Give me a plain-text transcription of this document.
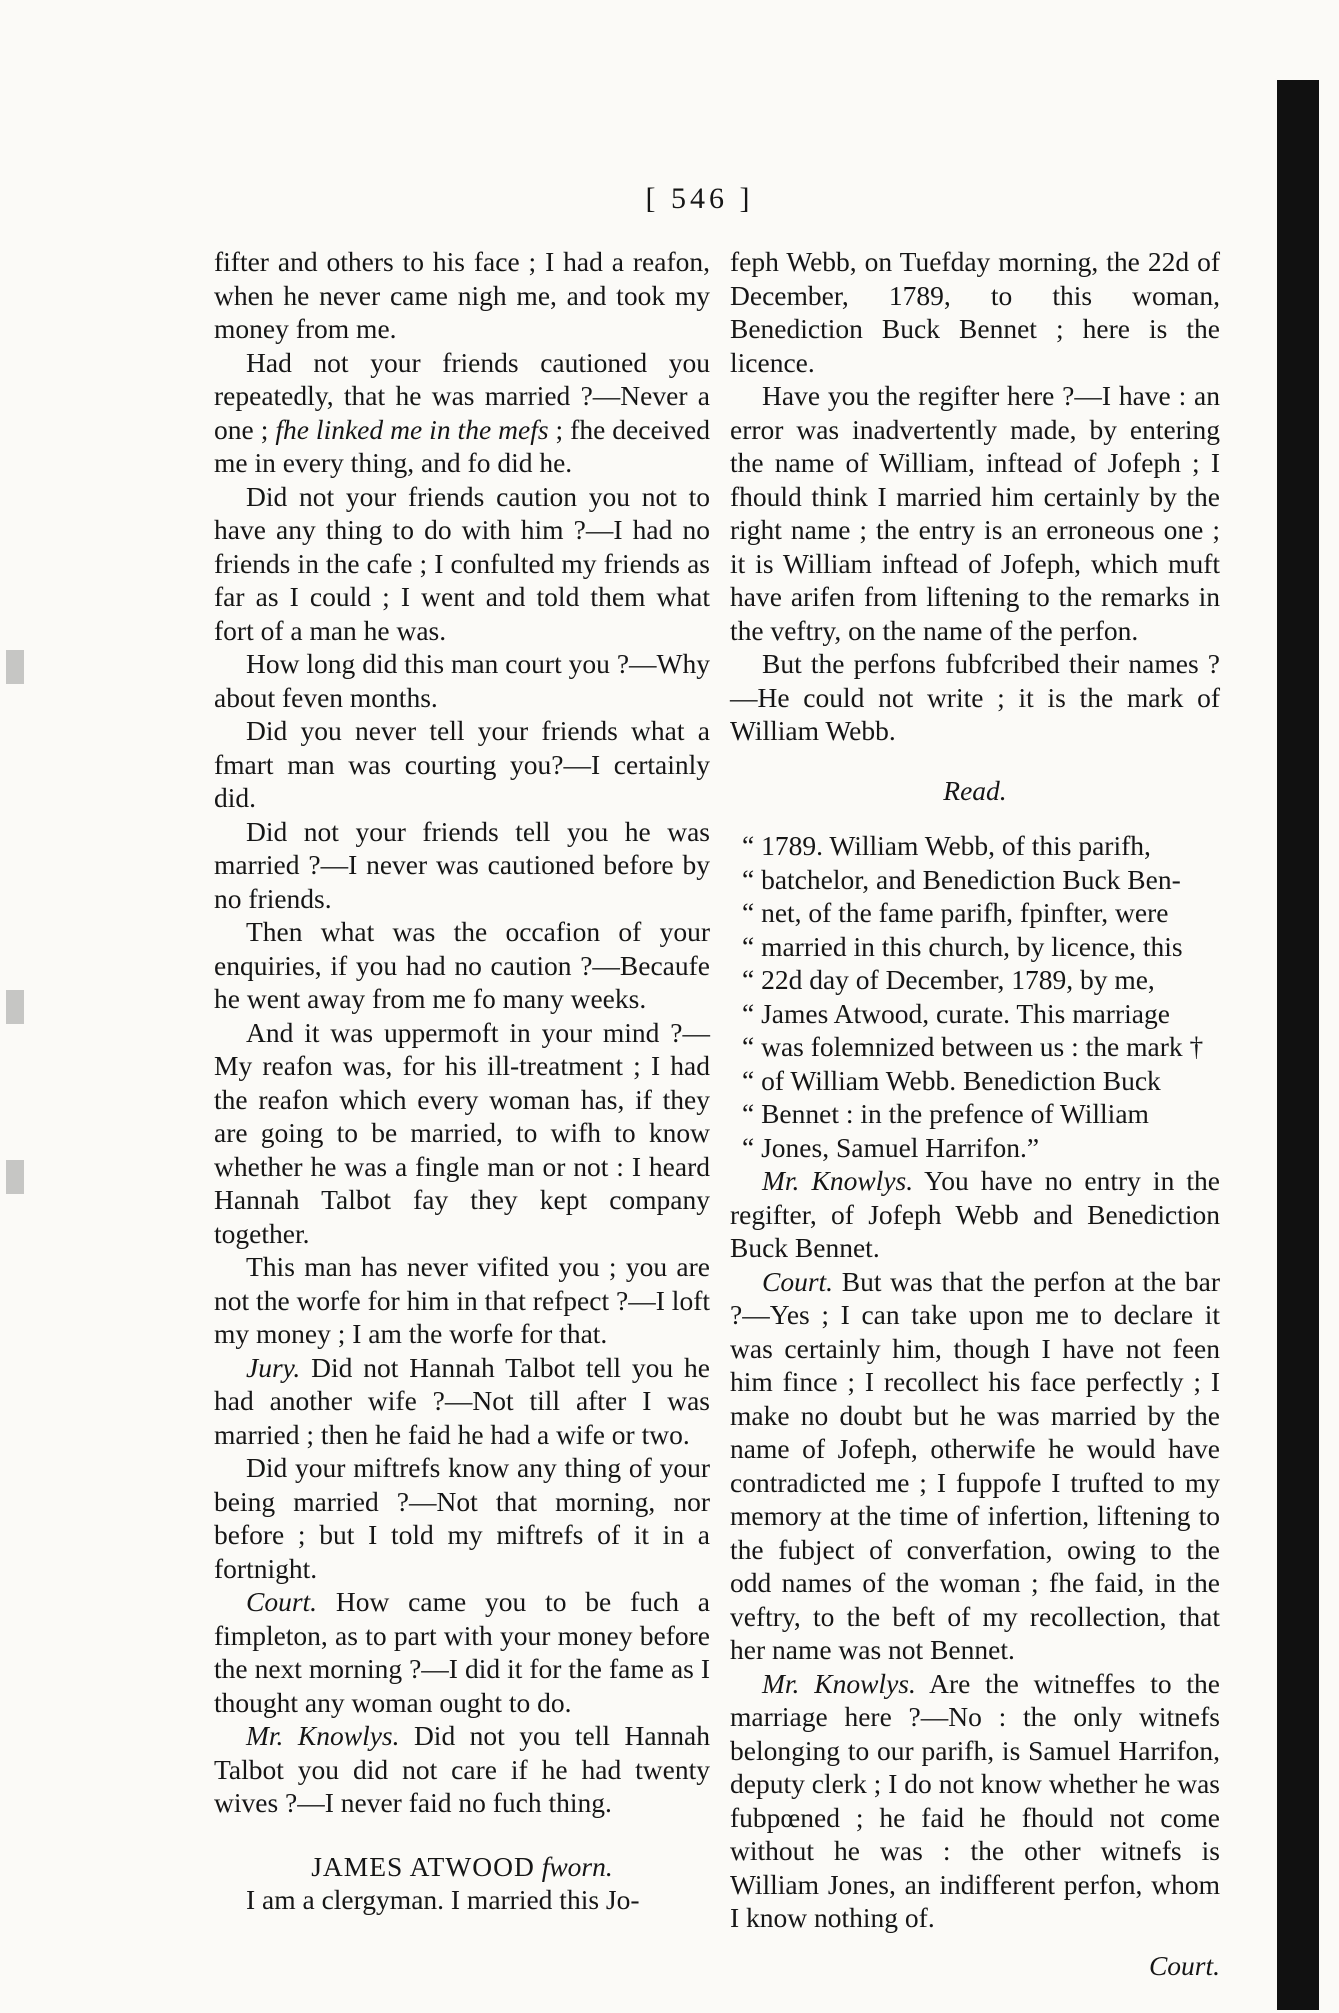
[ 546 ]

fifter and others to his face ; I had a reafon, when he never came nigh me, and took my money from me.

Had not your friends cautioned you repeatedly, that he was married ?—Never a one ; fhe linked me in the mefs ; fhe deceived me in every thing, and fo did he.

Did not your friends caution you not to have any thing to do with him ?—I had no friends in the cafe ; I confulted my friends as far as I could ; I went and told them what fort of a man he was.

How long did this man court you ?—Why about feven months.

Did you never tell your friends what a fmart man was courting you?—I certainly did.

Did not your friends tell you he was married ?—I never was cautioned before by no friends.

Then what was the occafion of your enquiries, if you had no caution ?—Becaufe he went away from me fo many weeks.

And it was uppermoft in your mind ?—My reafon was, for his ill-treatment ; I had the reafon which every woman has, if they are going to be married, to wifh to know whether he was a fingle man or not : I heard Hannah Talbot fay they kept company together.

This man has never vifited you ; you are not the worfe for him in that refpect ?—I loft my money ; I am the worfe for that.

Jury. Did not Hannah Talbot tell you he had another wife ?—Not till after I was married ; then he faid he had a wife or two.

Did your miftrefs know any thing of your being married ?—Not that morning, nor before ; but I told my miftrefs of it in a fortnight.

Court. How came you to be fuch a fimpleton, as to part with your money before the next morning ?—I did it for the fame as I thought any woman ought to do.

Mr. Knowlys. Did not you tell Hannah Talbot you did not care if he had twenty wives ?—I never faid no fuch thing.

JAMES ATWOOD fworn.

I am a clergyman. I married this Jo-

feph Webb, on Tuefday morning, the 22d of December, 1789, to this woman, Benediction Buck Bennet ; here is the licence.

Have you the regifter here ?—I have : an error was inadvertently made, by entering the name of William, inftead of Jofeph ; I fhould think I married him certainly by the right name ; the entry is an erroneous one ; it is William inftead of Jofeph, which muft have arifen from liftening to the remarks in the veftry, on the name of the perfon.

But the perfons fubfcribed their names ?—He could not write ; it is the mark of William Webb.

Read.

“ 1789. William Webb, of this parifh,

“ batchelor, and Benediction Buck Ben-

“ net, of the fame parifh, fpinfter, were

“ married in this church, by licence, this

“ 22d day of December, 1789, by me,

“ James Atwood, curate. This marriage

“ was folemnized between us : the mark †

“ of William Webb. Benediction Buck

“ Bennet : in the prefence of William

“ Jones, Samuel Harrifon.”

Mr. Knowlys. You have no entry in the regifter, of Jofeph Webb and Benediction Buck Bennet.

Court. But was that the perfon at the bar ?—Yes ; I can take upon me to declare it was certainly him, though I have not feen him fince ; I recollect his face perfectly ; I make no doubt but he was married by the name of Jofeph, otherwife he would have contradicted me ; I fuppofe I trufted to my memory at the time of infertion, liftening to the fubject of converfation, owing to the odd names of the woman ; fhe faid, in the veftry, to the beft of my recollection, that her name was not Bennet.

Mr. Knowlys. Are the witneffes to the marriage here ?—No : the only witnefs belonging to our parifh, is Samuel Harrifon, deputy clerk ; I do not know whether he was fubpœned ; he faid he fhould not come without he was : the other witnefs is William Jones, an indifferent perfon, whom I know nothing of.

Court.
